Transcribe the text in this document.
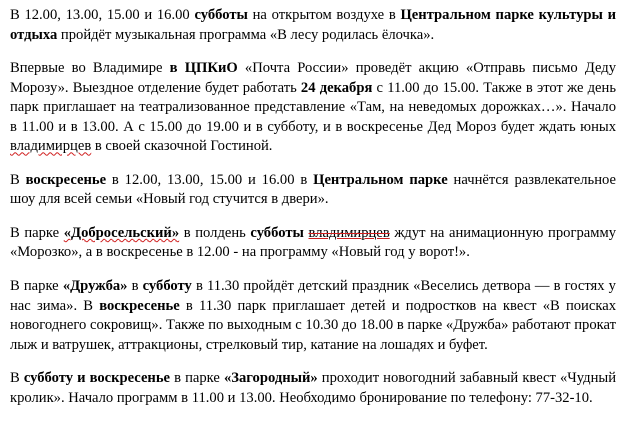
В 12.00, 13.00, 15.00 и 16.00 субботы на открытом воздухе в Центральном парке культуры и отдыха пройдёт музыкальная программа «В лесу родилась ёлочка».

Впервые во Владимире в ЦПКиО «Почта России» проведёт акцию «Отправь письмо Деду Морозу». Выездное отделение будет работать 24 декабря с 11.00 до 15.00. Также в этот же день парк приглашает на театрализованное представление «Там, на неведомых дорожках…». Начало в 11.00 и в 13.00. А с 15.00 до 19.00 и в субботу, и в воскресенье Дед Мороз будет ждать юных владимирцев в своей сказочной Гостиной.

В воскресенье в 12.00, 13.00, 15.00 и 16.00 в Центральном парке начнётся развлекательное шоу для всей семьи «Новый год стучится в двери».

В парке «Добросельский» в полдень субботы владимирцев ждут на анимационную программу «Морозко», а в воскресенье в 12.00 - на программу «Новый год у ворот!».

В парке «Дружба» в субботу в 11.30 пройдёт детский праздник «Веселись детвора — в гостях у нас зима». В воскресенье в 11.30 парк приглашает детей и подростков на квест «В поисках новогоднего сокровищ». Также по выходным с 10.30 до 18.00 в парке «Дружба» работают прокат лыж и ватрушек, аттракционы, стрелковый тир, катание на лошадях и буфет.

В субботу и воскресенье в парке «Загородный» проходит новогодний забавный квест «Чудный кролик». Начало программ в 11.00 и 13.00. Необходимо бронирование по телефону: 77-32-10.
